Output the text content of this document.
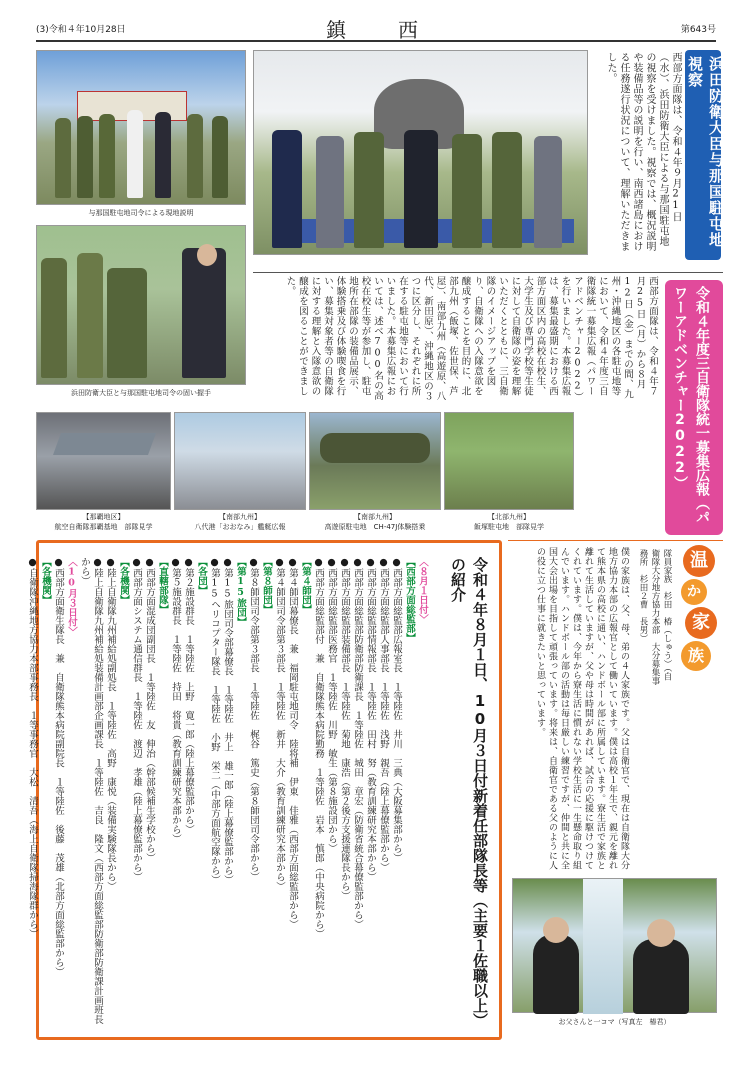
(3)令和４年10月28日	鎮　西	第643号
与那国駐屯地司令による現地説明
浜田防衛大臣と与那国駐屯地司令の固い握手
西部方面隊は、令和４年９月21日（水）、浜田防衛大臣による与那国駐屯地の視察を受けました。視察では、概況説明や装備品等の説明を行い、南西諸島における任務遂行状況について、理解いただきました。	浜田防衛大臣与那国駐屯地視察
西部方面隊は、令和４年７月25日（月）から８月12日（金）までの間、九州・沖縄地区の各駐屯地等において、令和４年度三自衛隊統一募集広報（パワーアドベンチャー2022）を行いました。本募集広報は、募集最盛期における西部方面区内の高校在校生、大学生及び専門学校等生徒に対して自衛隊の姿を理解いただくとともに、三自衛隊のイメージアップを図り、自衛隊への入隊意欲を醸成することを目的に、北部九州（飯塚、佐世保、芦屋）、南部九州（高遊原、八代、新田原）、沖縄地区の３つに区分し、それぞれに所在する駐屯地等において行いました。本募集広報においては、述べ700名の高校在校生等が参加し、駐屯地所在部隊の装備品展示、体験搭乗及び体験喫食を行い、募集対象者等の自衛隊に対する理解と入隊意欲の醸成を図ることができました。	令和４年度三自衛隊統一募集広報（パワーアドベンチャー2022）
【那覇地区】
航空自衛隊那覇基地　部隊見学
【南部九州】
八代港「おおなみ」艦艇広報
【南部九州】
高遊原駐屯地　CH-47J体験搭乗
【北部九州】
飯塚駐屯地　部隊見学
令和４年８月１日、10月３日付新着任部隊長等（主要１佐職以上）の紹介
〈８月１日付〉
【西部方面総監部】
●西部方面総監部広報室長　１等陸佐　井川　三典（大阪募集部から）
●西部方面総監部人事部長　１等陸佐　浅野　親吾（陸上幕僚監部から）
●西部方面総監部情報部長　１等陸佐　田村　努（教育訓練研究本部から）
●西部方面総監部防衛部防衛課長　１等陸佐　城田　章宏（防衛省統合幕僚監部から）
●西部方面総監部装備部長　１等陸佐　菊地　康浩（第２後方支援連隊長から）
●西部方面総監部医務官　１等陸佐　川野　敏生（第８施設団から）
●西部方面総監部付　兼　自衛隊熊本病院勤務　１等陸佐　岩本　慎郎（中央病院から）
【第４師団】
●第４師団幕僚長　兼　福岡駐屯地司令　陸将補　伊東　佳雅（西部方面総監部から）
●第４師団司令部第３部長　１等陸佐　新井　大介（教育訓練研究本部から）
【第８師団】
●第８師団司令部第３部長　１等陸佐　梶谷　篤史（第８師団司令部から）
【第15旅団】
●第15旅団司令部幕僚長　１等陸佐　井上　雄一郎（陸上幕僚監部から）
●第15ヘリコプター隊長　１等陸佐　小野　栄二（中部方面航空隊から）
【各団】
●第２施設群長　１等陸佐　上野　寛一郎（陸上幕僚監部から）
●第５施設群長　１等陸佐　持田　将貴（教育訓練研究本部から）
【直轄部隊】
●西部方面混成団副団長　１等陸佐　友　伸治（幹部候補生学校から）
●西部方面システム通信群長　１等陸佐　渡辺　孝雄（陸上幕僚監部から）
【各機関】
●陸上自衛隊九州補給処副処長　１等陸佐　高野　康悦（装備実験隊長から）
●陸上自衛隊九州補給処装備計画部企画課長　１等陸佐　吉良　隆文（西部方面総監部防衛部防衛課計画班長から）
〈10月３日付〉
●西部方面衛生隊長　兼　自衛隊熊本病院副院長　１等陸佐　後藤　茂雄（北部方面総監部から）
【各機関】
●自衛隊沖縄地方協力本部事務長　１等事務官　大松　清吾（海上自衛隊掃海隊群から）	温
か
家
族
隊員家族　杉田　椿（しゅう）（自衛隊大分地方協力本部　大分募集事務所　杉田２曹　長男）
僕の家族は、父、母、弟の４人家族です。父は自衛官で、現在は自衛隊大分地方協力本部の広報官として働いています。僕は高校１年生で、親元を離れて熊本県の高校に通い、ハンドボール部に所属しています。寮生活で家族と離れて生活していますが、父や母は時間があれば、試合の応援に駆けつけてくれています。僕は、今年から寮生活に慣れない学校生活に一生懸命取り組んでいます。ハンドボール部の活動は毎日厳しい練習ですが、仲間と共に全国大会出場を目指して頑張っています。将来は、自衛官である父のように人の役に立つ仕事に就きたいと思っています。
お父さんと一コマ（写真左　椿君）
